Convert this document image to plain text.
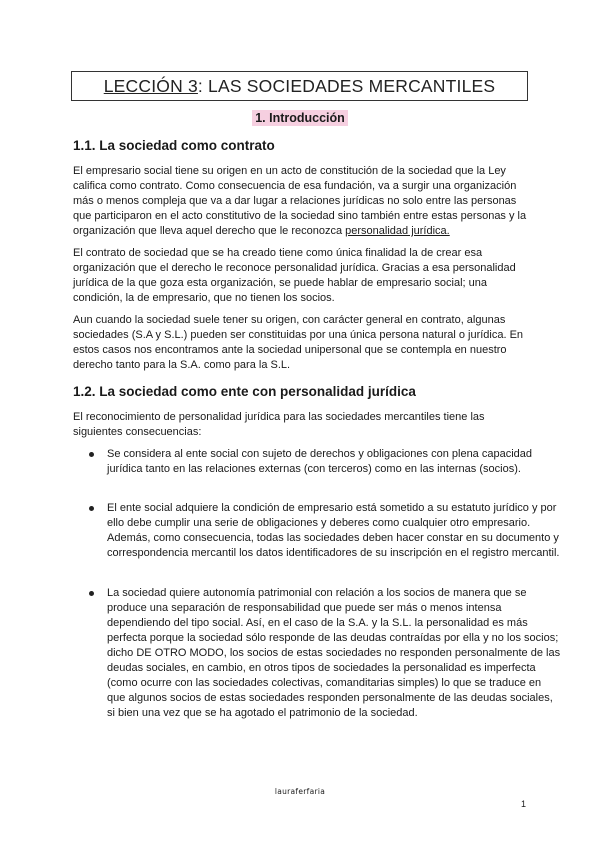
LECCIÓN 3 : LAS SOCIEDADES MERCANTILES
1. Introducción
1.1. La sociedad como contrato

El empresario social tiene su origen en un acto de constitución de la sociedad que la Ley califica como contrato. Como consecuencia de esa fundación, va a surgir una organización más o menos compleja que va a dar lugar a relaciones jurídicas no solo entre las personas que participaron en el acto constitutivo de la sociedad sino también entre estas personas y la organización que lleva aquel derecho que le reconozca personalidad jurídica.

El contrato de sociedad que se ha creado tiene como única finalidad la de crear esa organización que el derecho le reconoce personalidad jurídica. Gracias a esa personalidad jurídica de la que goza esta organización, se puede hablar de empresario social; una condición, la de empresario, que no tienen los socios.

Aun cuando la sociedad suele tener su origen, con carácter general en contrato, algunas sociedades (S.A y S.L.) pueden ser constituidas por una única persona natural o jurídica. En estos casos nos encontramos ante la sociedad unipersonal que se contempla en nuestro derecho tanto para la S.A. como para la S.L.

1.2. La sociedad como ente con personalidad jurídica

El reconocimiento de personalidad jurídica para las sociedades mercantiles tiene las siguientes consecuencias:

Se considera al ente social con sujeto de derechos y obligaciones con plena capacidad jurídica tanto en las relaciones externas (con terceros) como en las internas (socios).
El ente social adquiere la condición de empresario está sometido a su estatuto jurídico y por ello debe cumplir una serie de obligaciones y deberes como cualquier otro empresario. Además, como consecuencia, todas las sociedades deben hacer constar en su documento y correspondencia mercantil los datos identificadores de su inscripción en el registro mercantil.
La sociedad quiere autonomía patrimonial con relación a los socios de manera que se produce una separación de responsabilidad que puede ser más o menos intensa dependiendo del tipo social. Así, en el caso de la S.A. y la S.L. la personalidad es más perfecta porque la sociedad sólo responde de las deudas contraídas por ella y no los socios; dicho DE OTRO MODO, los socios de estas sociedades no responden personalmente de las deudas sociales, en cambio, en otros tipos de sociedades la personalidad es imperfecta (como ocurre con las sociedades colectivas, comanditarias simples) lo que se traduce en que algunos socios de estas sociedades responden personalmente de las deudas sociales, si bien una vez que se ha agotado el patrimonio de la sociedad.
lauraferfaria
1
